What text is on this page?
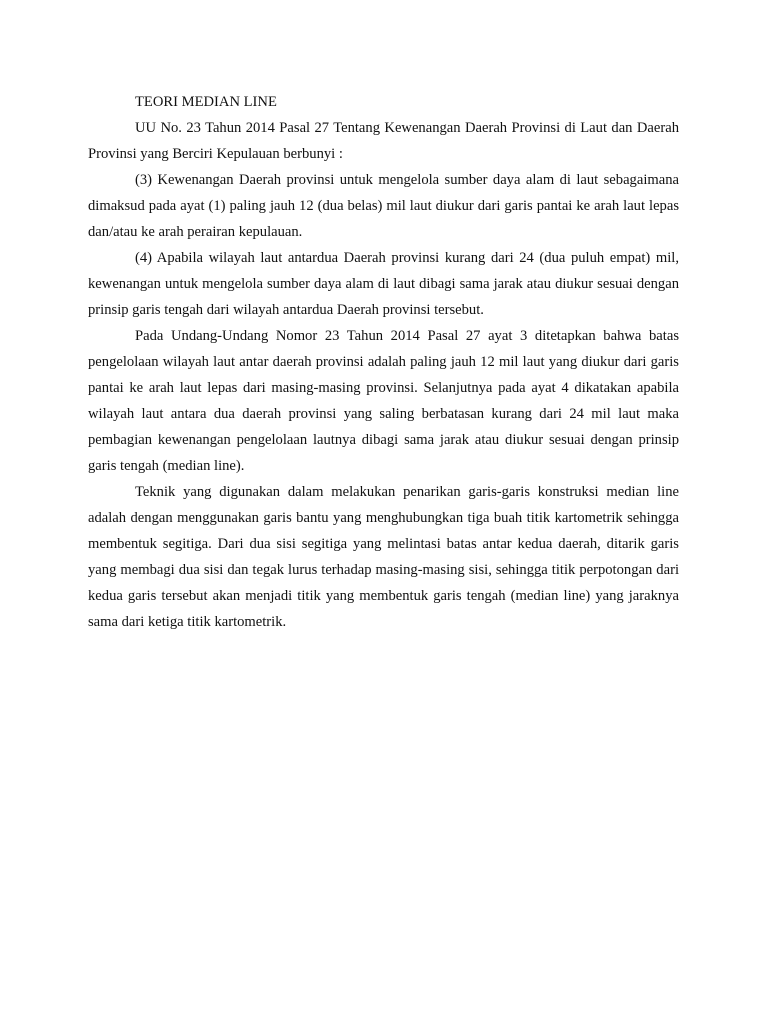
TEORI MEDIAN LINE

UU No. 23 Tahun 2014 Pasal 27 Tentang Kewenangan Daerah Provinsi di Laut dan Daerah Provinsi yang Berciri Kepulauan berbunyi :

(3) Kewenangan Daerah provinsi untuk mengelola sumber daya alam di laut sebagaimana dimaksud pada ayat (1) paling jauh 12 (dua belas) mil laut diukur dari garis pantai ke arah laut lepas dan/atau ke arah perairan kepulauan.

(4) Apabila wilayah laut antardua Daerah provinsi kurang dari 24 (dua puluh empat) mil, kewenangan untuk mengelola sumber daya alam di laut dibagi sama jarak atau diukur sesuai dengan prinsip garis tengah dari wilayah antardua Daerah provinsi tersebut.

Pada Undang-Undang Nomor 23 Tahun 2014 Pasal 27 ayat 3 ditetapkan bahwa batas pengelolaan wilayah laut antar daerah provinsi adalah paling jauh 12 mil laut yang diukur dari garis pantai ke arah laut lepas dari masing-masing provinsi. Selanjutnya pada ayat 4 dikatakan apabila wilayah laut antara dua daerah provinsi yang saling berbatasan kurang dari 24 mil laut maka pembagian kewenangan pengelolaan lautnya dibagi sama jarak atau diukur sesuai dengan prinsip garis tengah (median line).

Teknik yang digunakan dalam melakukan penarikan garis-garis konstruksi median line adalah dengan menggunakan garis bantu yang menghubungkan tiga buah titik kartometrik sehingga membentuk segitiga. Dari dua sisi segitiga yang melintasi batas antar kedua daerah, ditarik garis yang membagi dua sisi dan tegak lurus terhadap masing-masing sisi, sehingga titik perpotongan dari kedua garis tersebut akan menjadi titik yang membentuk garis tengah (median line) yang jaraknya sama dari ketiga titik kartometrik.
